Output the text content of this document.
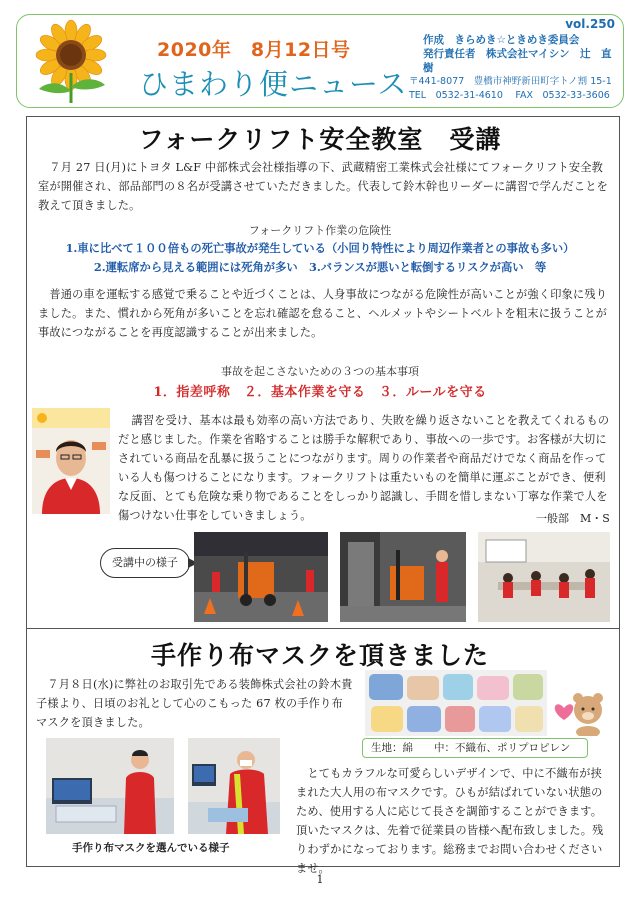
2020年　8月12日号
ひまわり便ニュース
vol.250
作成　きらめき☆ときめき委員会
発行責任者　株式会社マイシン　辻　直樹
〒441-8077　豊橋市神野新田町字トノ割 15-1
TEL　0532-31-4610　 FAX　0532-33-3606
フォークリフト安全教室　受講
　７月 27 日(月)にトヨタ L&F 中部株式会社様指導の下、武蔵精密工業株式会社様にてフォークリフト安全教室が開催され、部品部門の８名が受講させていただきました。代表して鈴木幹也リーダーに講習で学んだことを教えて頂きました。
フォークリフト作業の危険性
1.車に比べて１００倍もの死亡事故が発生している（小回り特性により周辺作業者との事故も多い）
2.運転席から見える範囲には死角が多い　3.バランスが悪いと転倒するリスクが高い　等
　普通の車を運転する感覚で乗ることや近づくことは、人身事故につながる危険性が高いことが強く印象に残りました。また、慣れから死角が多いことを忘れ確認を怠ること、ヘルメットやシートベルトを粗末に扱うことが事故につながることを再度認識することが出来ました。
事故を起こさないための３つの基本事項
1．指差呼称　２．基本作業を守る　３．ルールを守る
講習を受け、基本は最も効率の高い方法であり、失敗を繰り返さないことを教えてくれるものだと感じました。作業を省略することは勝手な解釈であり、事故への一歩です。お客様が大切にされている商品を乱暴に扱うことにつながります。周りの作業者や商品だけでなく商品を作っている人も傷つけることになります。フォークリフトは重たいものを簡単に運ぶことができ、便利な反面、とても危険な乗り物であることをしっかり認識し、手間を惜しまない丁寧な作業で人を傷つけない仕事をしていきましょう。	一般部　M・S
受講中の様子
手作り布マスクを頂きました
　７月８日(水)に弊社のお取引先である装飾株式会社の鈴木貴子様より、日頃のお礼として心のこもった 67 枚の手作り布マスクを頂きました。
生地：綿　　中：不織布、ポリプロピレン
手作り布マスクを選んでいる様子
　とてもカラフルな可愛らしいデザインで、中に不織布が挟まれた大人用の布マスクです。ひもが結ばれていない状態のため、使用する人に応じて長さを調節することができます。頂いたマスクは、先着で従業員の皆様へ配布致しました。残りわずかになっております。総務までお問い合わせくださいませ。
1
